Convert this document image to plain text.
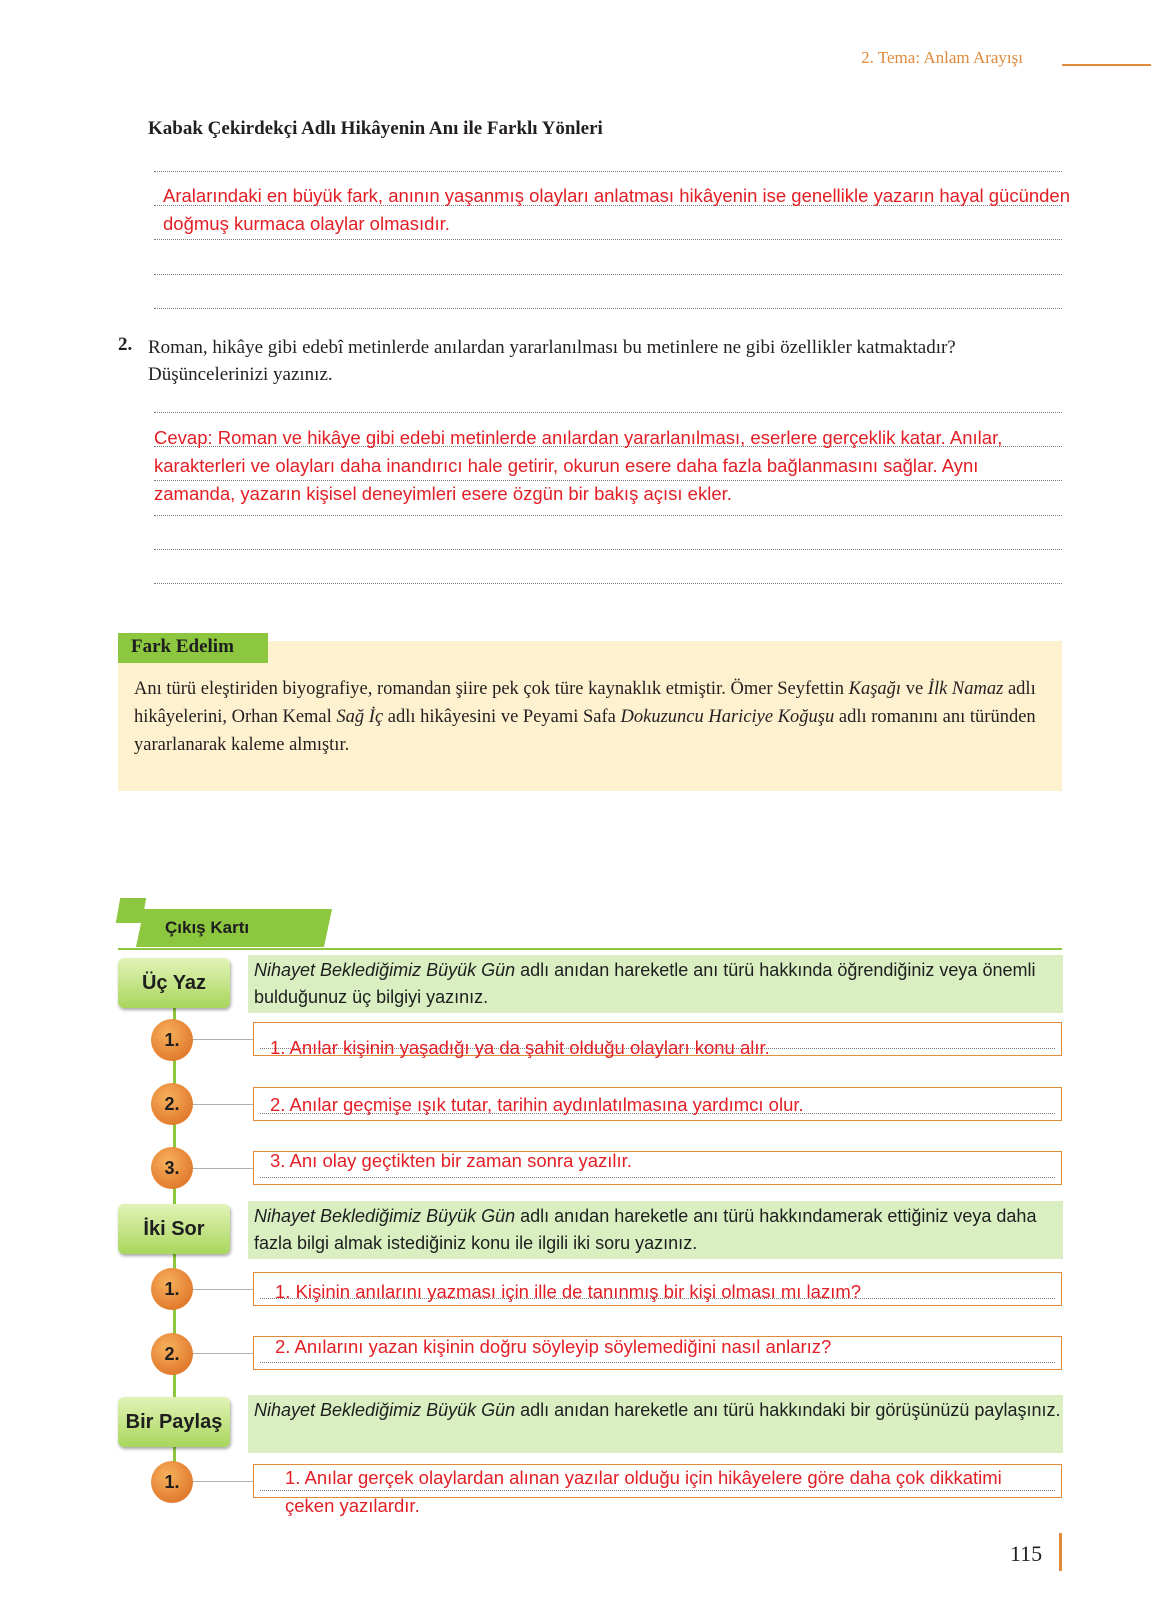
2. Tema: Anlam Arayışı
Kabak Çekirdekçi Adlı Hikâyenin Anı ile Farklı Yönleri
Aralarındaki en büyük fark, anının yaşanmış olayları anlatması hikâyenin ise genellikle yazarın hayal gücünden doğmuş kurmaca olaylar olmasıdır.
2. Roman, hikâye gibi edebî metinlerde anılardan yararlanılması bu metinlere ne gibi özellikler katmaktadır? Düşüncelerinizi yazınız.
Cevap: Roman ve hikâye gibi edebi metinlerde anılardan yararlanılması, eserlere gerçeklik katar. Anılar, karakterleri ve olayları daha inandırıcı hale getirir, okurun esere daha fazla bağlanmasını sağlar. Aynı zamanda, yazarın kişisel deneyimleri esere özgün bir bakış açısı ekler.
Fark Edelim
Anı türü eleştiriden biyografiye, romandan şiire pek çok türe kaynaklık etmiştir. Ömer Seyfettin Kaşağı ve İlk Namaz adlı hikâyelerini, Orhan Kemal Sağ İç adlı hikâyesini ve Peyami Safa Dokuzuncu Hariciye Koğuşu adlı romanını anı türünden yararlanarak kaleme almıştır.
Çıkış Kartı
Üç Yaz
Nihayet Beklediğimiz Büyük Gün adlı anıdan hareketle anı türü hakkında öğrendiğiniz veya önemli bulduğunuz üç bilgiyi yazınız.
1.	1. Anılar kişinin yaşadığı ya da şahit olduğu olayları konu alır.
2.	2. Anılar geçmişe ışık tutar, tarihin aydınlatılmasına yardımcı olur.
3.	3. Anı olay geçtikten bir zaman sonra yazılır.
İki Sor
Nihayet Beklediğimiz Büyük Gün adlı anıdan hareketle anı türü hakkındamerak ettiğiniz veya daha fazla bilgi almak istediğiniz konu ile ilgili iki soru yazınız.
1.	1. Kişinin anılarını yazması için ille de tanınmış bir kişi olması mı lazım?
2.	2. Anılarını yazan kişinin doğru söyleyip söylemediğini nasıl anlarız?
Bir Paylaş
Nihayet Beklediğimiz Büyük Gün adlı anıdan hareketle anı türü hakkındaki bir görüşünüzü paylaşınız.
1.	1. Anılar gerçek olaylardan alınan yazılar olduğu için hikâyelere göre daha çok dikkatimi çeken yazılardır.
115
